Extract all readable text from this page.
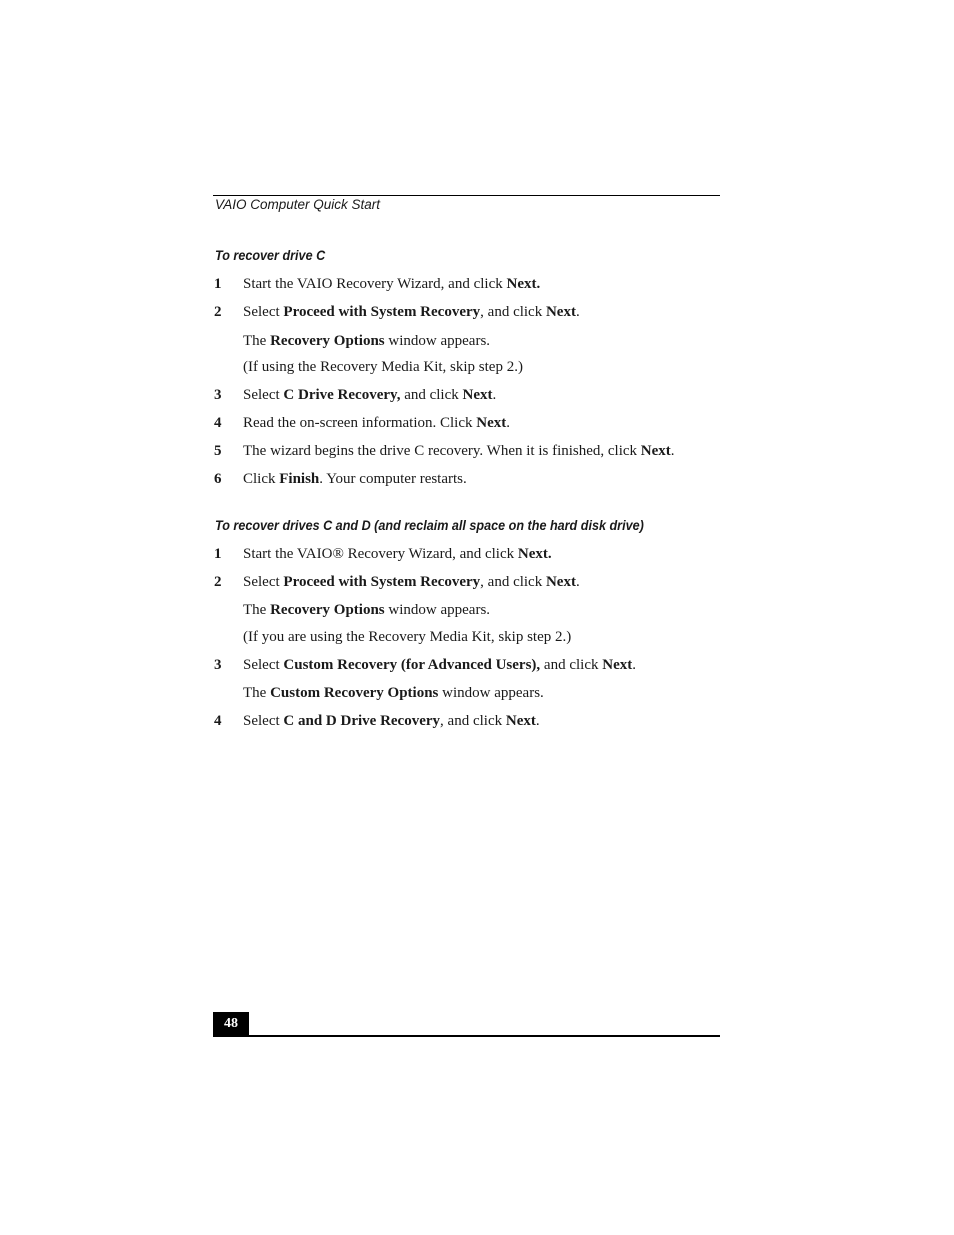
VAIO Computer Quick Start
To recover drive C
1 Start the VAIO Recovery Wizard, and click Next.
2 Select Proceed with System Recovery, and click Next.
The Recovery Options window appears.
(If using the Recovery Media Kit, skip step 2.)
3 Select C Drive Recovery, and click Next.
4 Read the on-screen information. Click Next.
5 The wizard begins the drive C recovery. When it is finished, click Next.
6 Click Finish. Your computer restarts.
To recover drives C and D (and reclaim all space on the hard disk drive)
1 Start the VAIO® Recovery Wizard, and click Next.
2 Select Proceed with System Recovery, and click Next.
The Recovery Options window appears.
(If you are using the Recovery Media Kit, skip step 2.)
3 Select Custom Recovery (for Advanced Users), and click Next.
The Custom Recovery Options window appears.
4 Select C and D Drive Recovery, and click Next.
48
